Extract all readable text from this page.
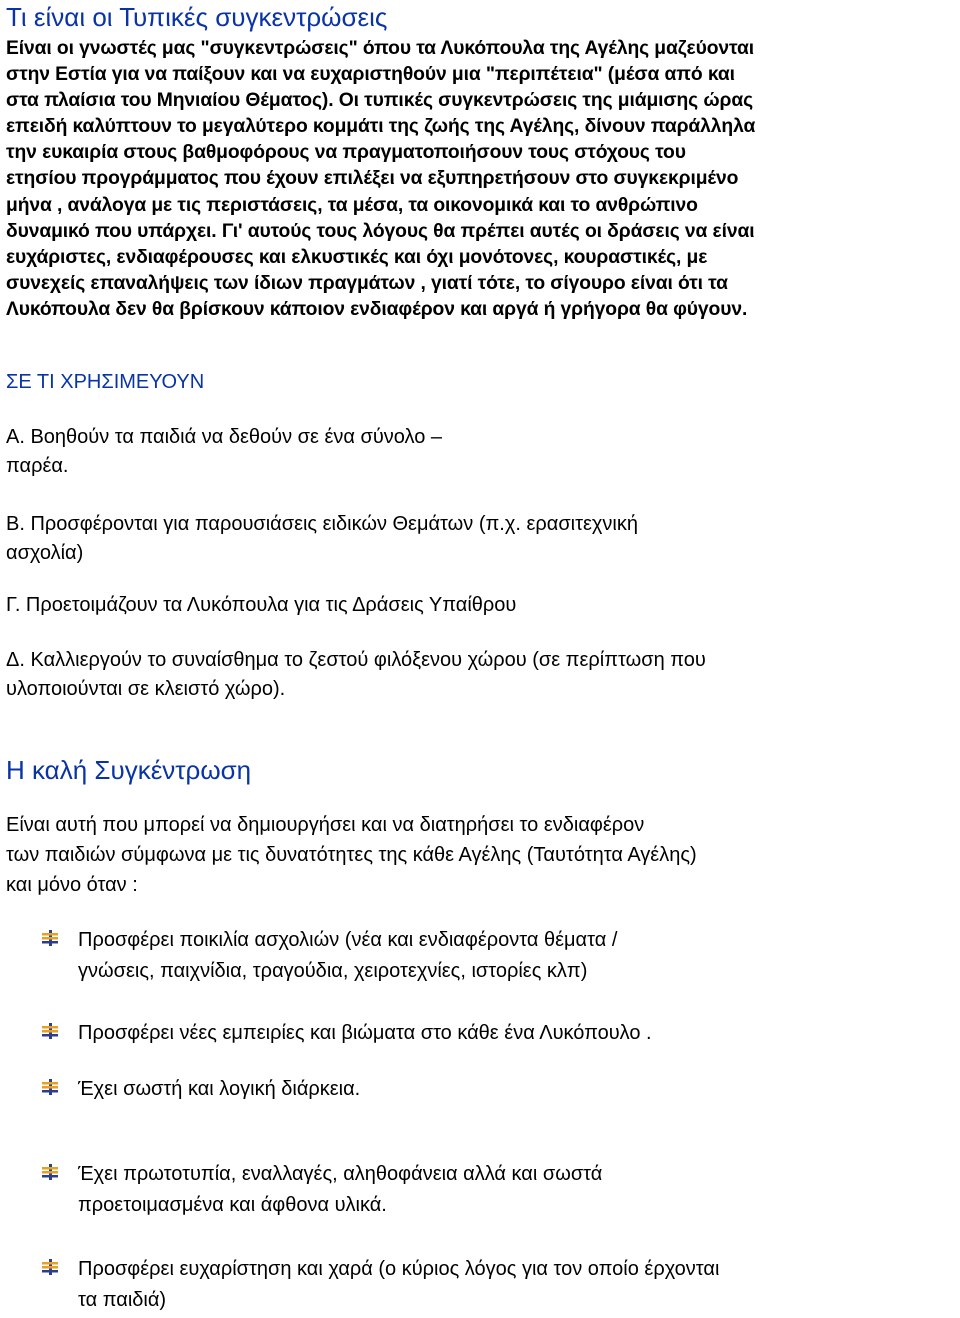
Τι είναι οι Τυπικές συγκεντρώσεις

Είναι οι γνωστές μας "συγκεντρώσεις" όπου τα Λυκόπουλα της Αγέλης μαζεύονται
στην Εστία για να παίξουν και να ευχαριστηθούν μια "περιπέτεια" (μέσα από και
στα πλαίσια του Μηνιαίου Θέματος). Οι τυπικές συγκεντρώσεις της μιάμισης ώρας
επειδή καλύπτουν το μεγαλύτερο κομμάτι της ζωής της Αγέλης, δίνουν παράλληλα
την ευκαιρία στους βαθμοφόρους να πραγματοποιήσουν τους στόχους του
ετησίου προγράμματος που έχουν επιλέξει να εξυπηρετήσουν στο συγκεκριμένο
μήνα , ανάλογα με τις περιστάσεις, τα μέσα, τα οικονομικά και το ανθρώπινο
δυναμικό που υπάρχει. Γι' αυτούς τους λόγους θα πρέπει αυτές οι δράσεις να είναι
ευχάριστες, ενδιαφέρουσες και ελκυστικές και όχι μονότονες, κουραστικές, με
συνεχείς επαναλήψεις των ίδιων πραγμάτων , γιατί τότε, το σίγουρο είναι ότι τα
Λυκόπουλα δεν θα βρίσκουν κάποιον ενδιαφέρον και αργά ή γρήγορα θα φύγουν.

ΣΕ ΤΙ ΧΡΗΣΙΜΕΥΟΥΝ

Α. Βοηθούν τα παιδιά να δεθούν σε ένα σύνολο –
παρέα.

Β. Προσφέρονται για παρουσιάσεις ειδικών Θεμάτων (π.χ. ερασιτεχνική
ασχολία)

Γ. Προετοιμάζουν τα Λυκόπουλα για τις Δράσεις Υπαίθρου

Δ. Καλλιεργούν το συναίσθημα το ζεστού φιλόξενου χώρου (σε περίπτωση που
υλοποιούνται σε κλειστό χώρο).

Η καλή Συγκέντρωση

Είναι αυτή που μπορεί να δημιουργήσει και να διατηρήσει το ενδιαφέρον
των παιδιών σύμφωνα με τις δυνατότητες της κάθε Αγέλης (Ταυτότητα Αγέλης)
και μόνο όταν :

Προσφέρει ποικιλία ασχολιών (νέα και ενδιαφέροντα θέματα /
γνώσεις, παιχνίδια, τραγούδια, χειροτεχνίες, ιστορίες κλπ)

Προσφέρει νέες εμπειρίες και βιώματα στο κάθε ένα Λυκόπουλο .

Έχει σωστή και λογική διάρκεια.

Έχει πρωτοτυπία, εναλλαγές, αληθοφάνεια αλλά και σωστά
προετοιμασμένα και άφθονα υλικά.

Προσφέρει ευχαρίστηση και χαρά (ο κύριος λόγος για τον οποίο έρχονται
τα παιδιά)
